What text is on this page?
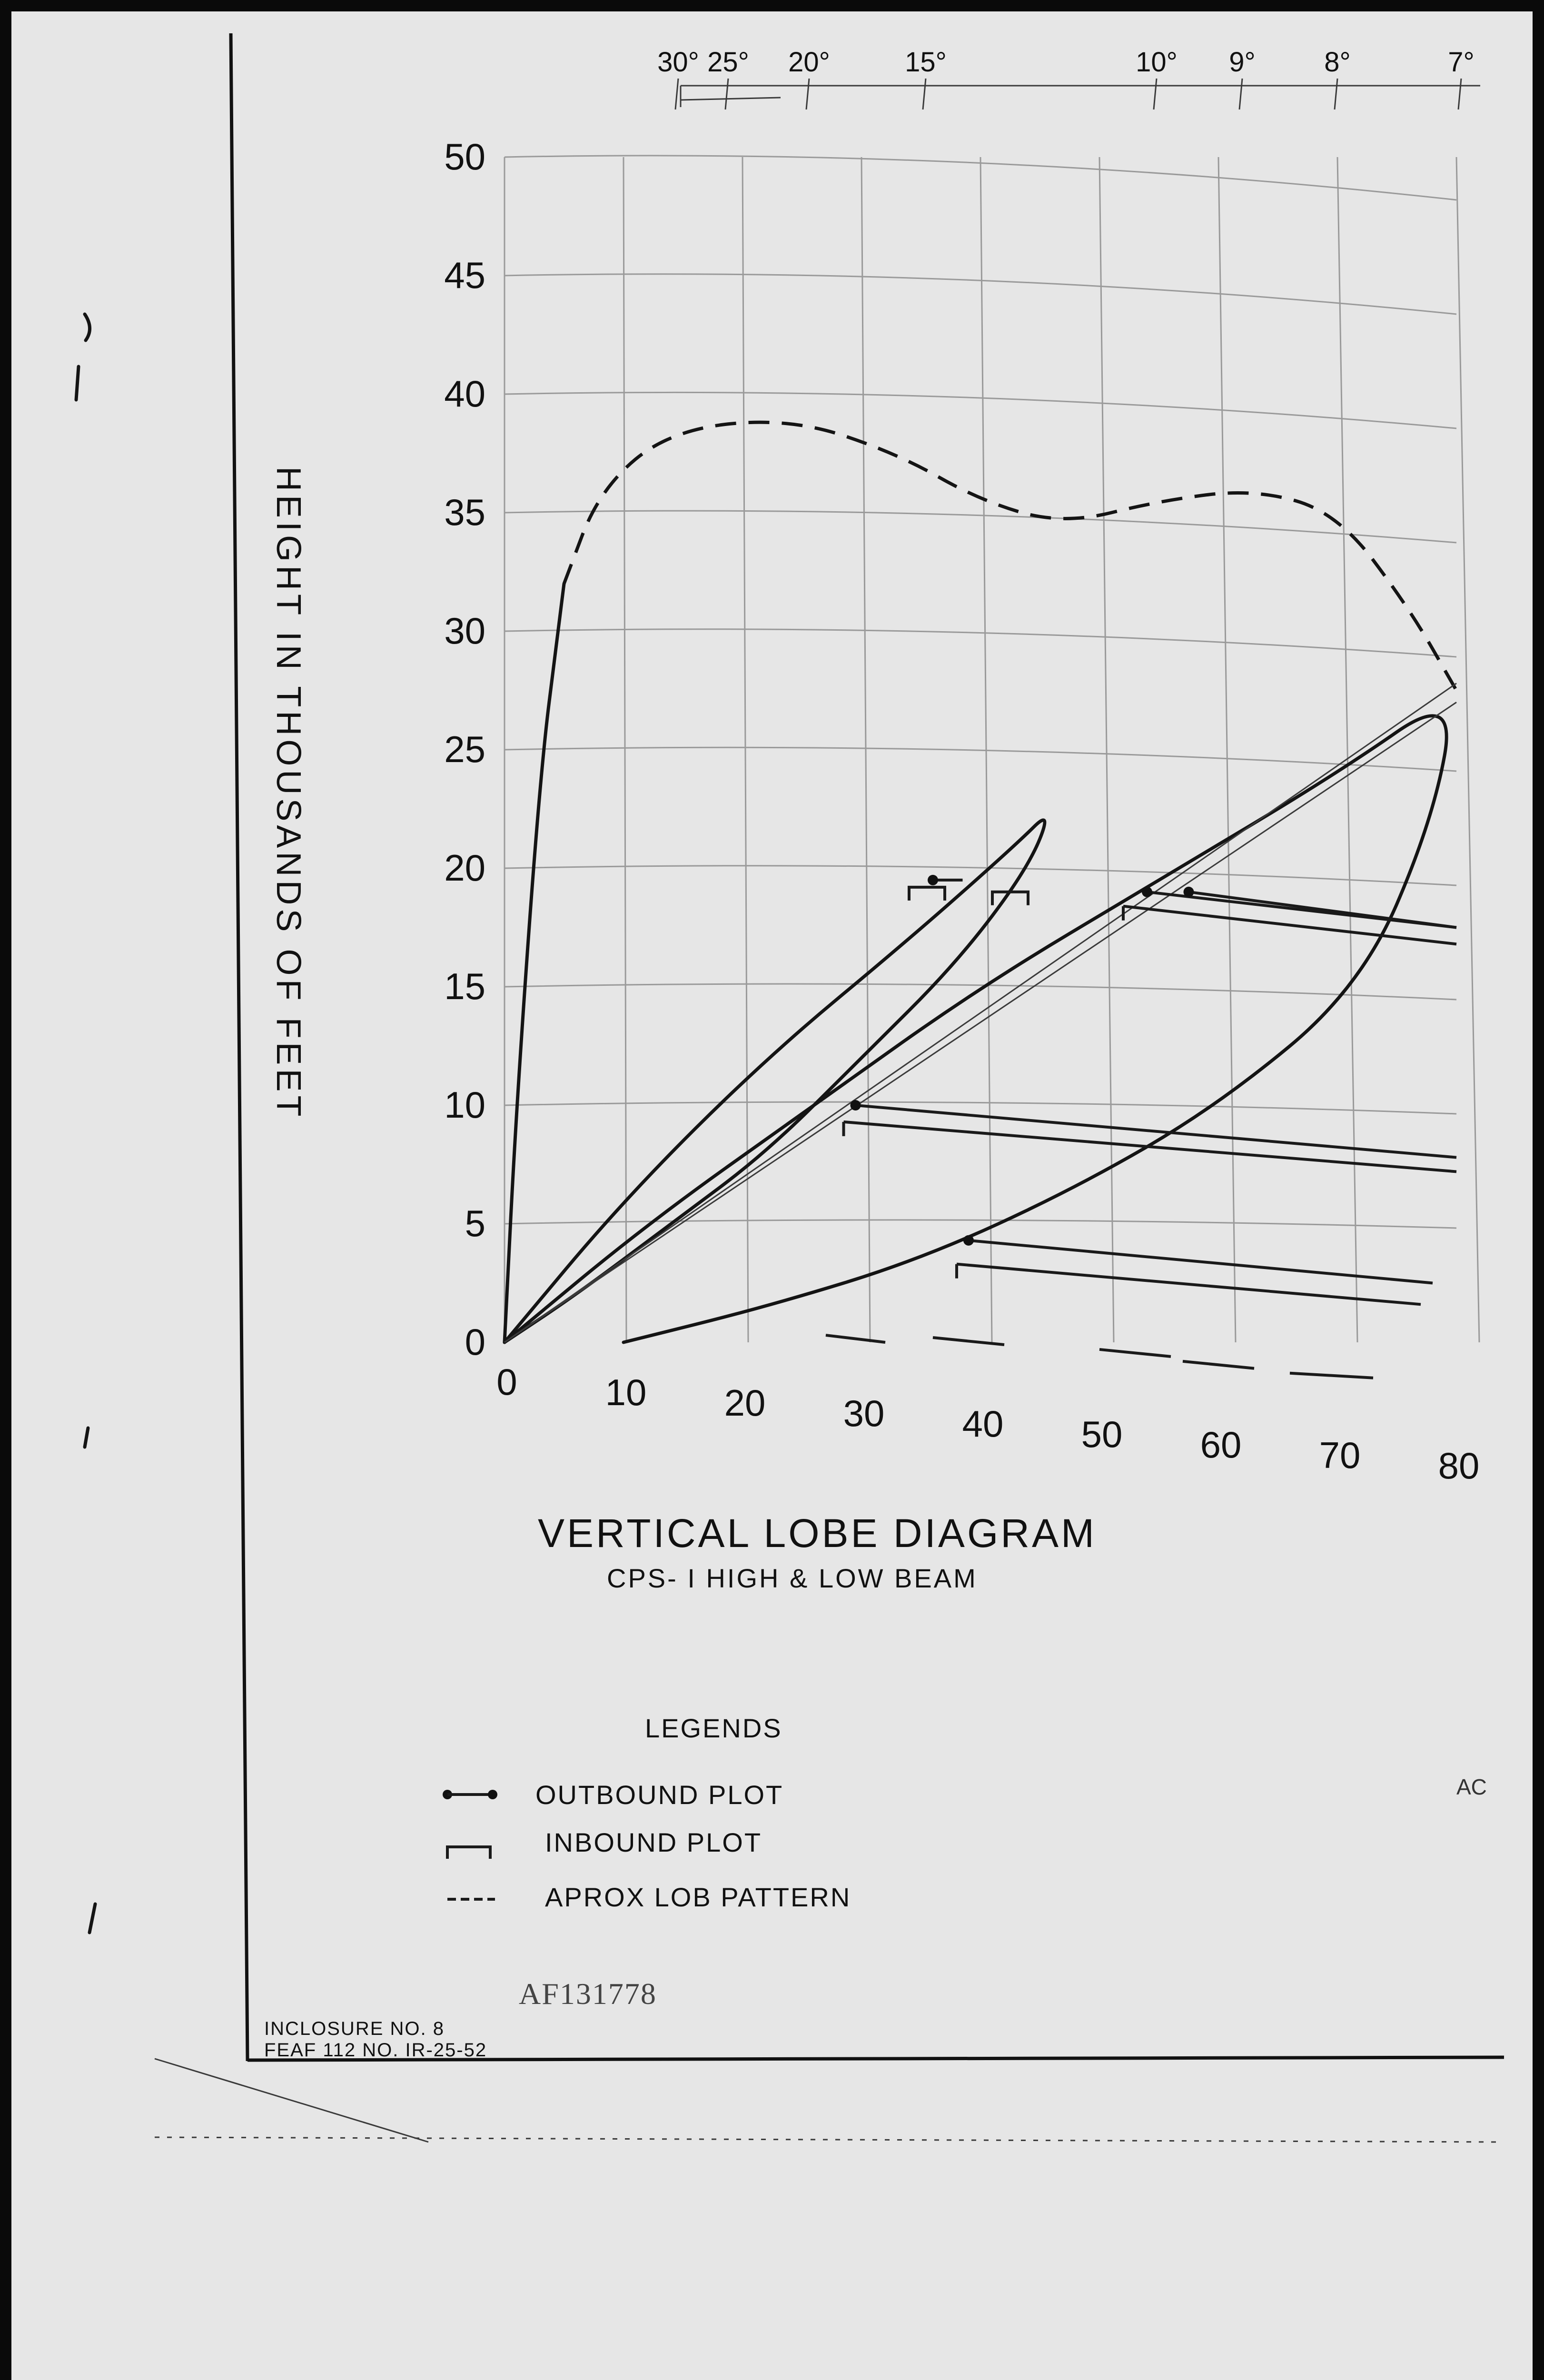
30° 25° 20°	15°	10° 9° 8°	7°
0
5
10
15
20
25
30
35
40
45
50
0 10 20 30 40 50 60 70 80
HEIGHT IN THOUSANDS OF FEET
VERTICAL LOBE DIAGRAM
CPS- I HIGH & LOW BEAM
LEGENDS
OUTBOUND PLOT
INBOUND PLOT
APROX LOB PATTERN
AF131778
INCLOSURE NO. 8
FEAF 112 NO. IR-25-52
AC
